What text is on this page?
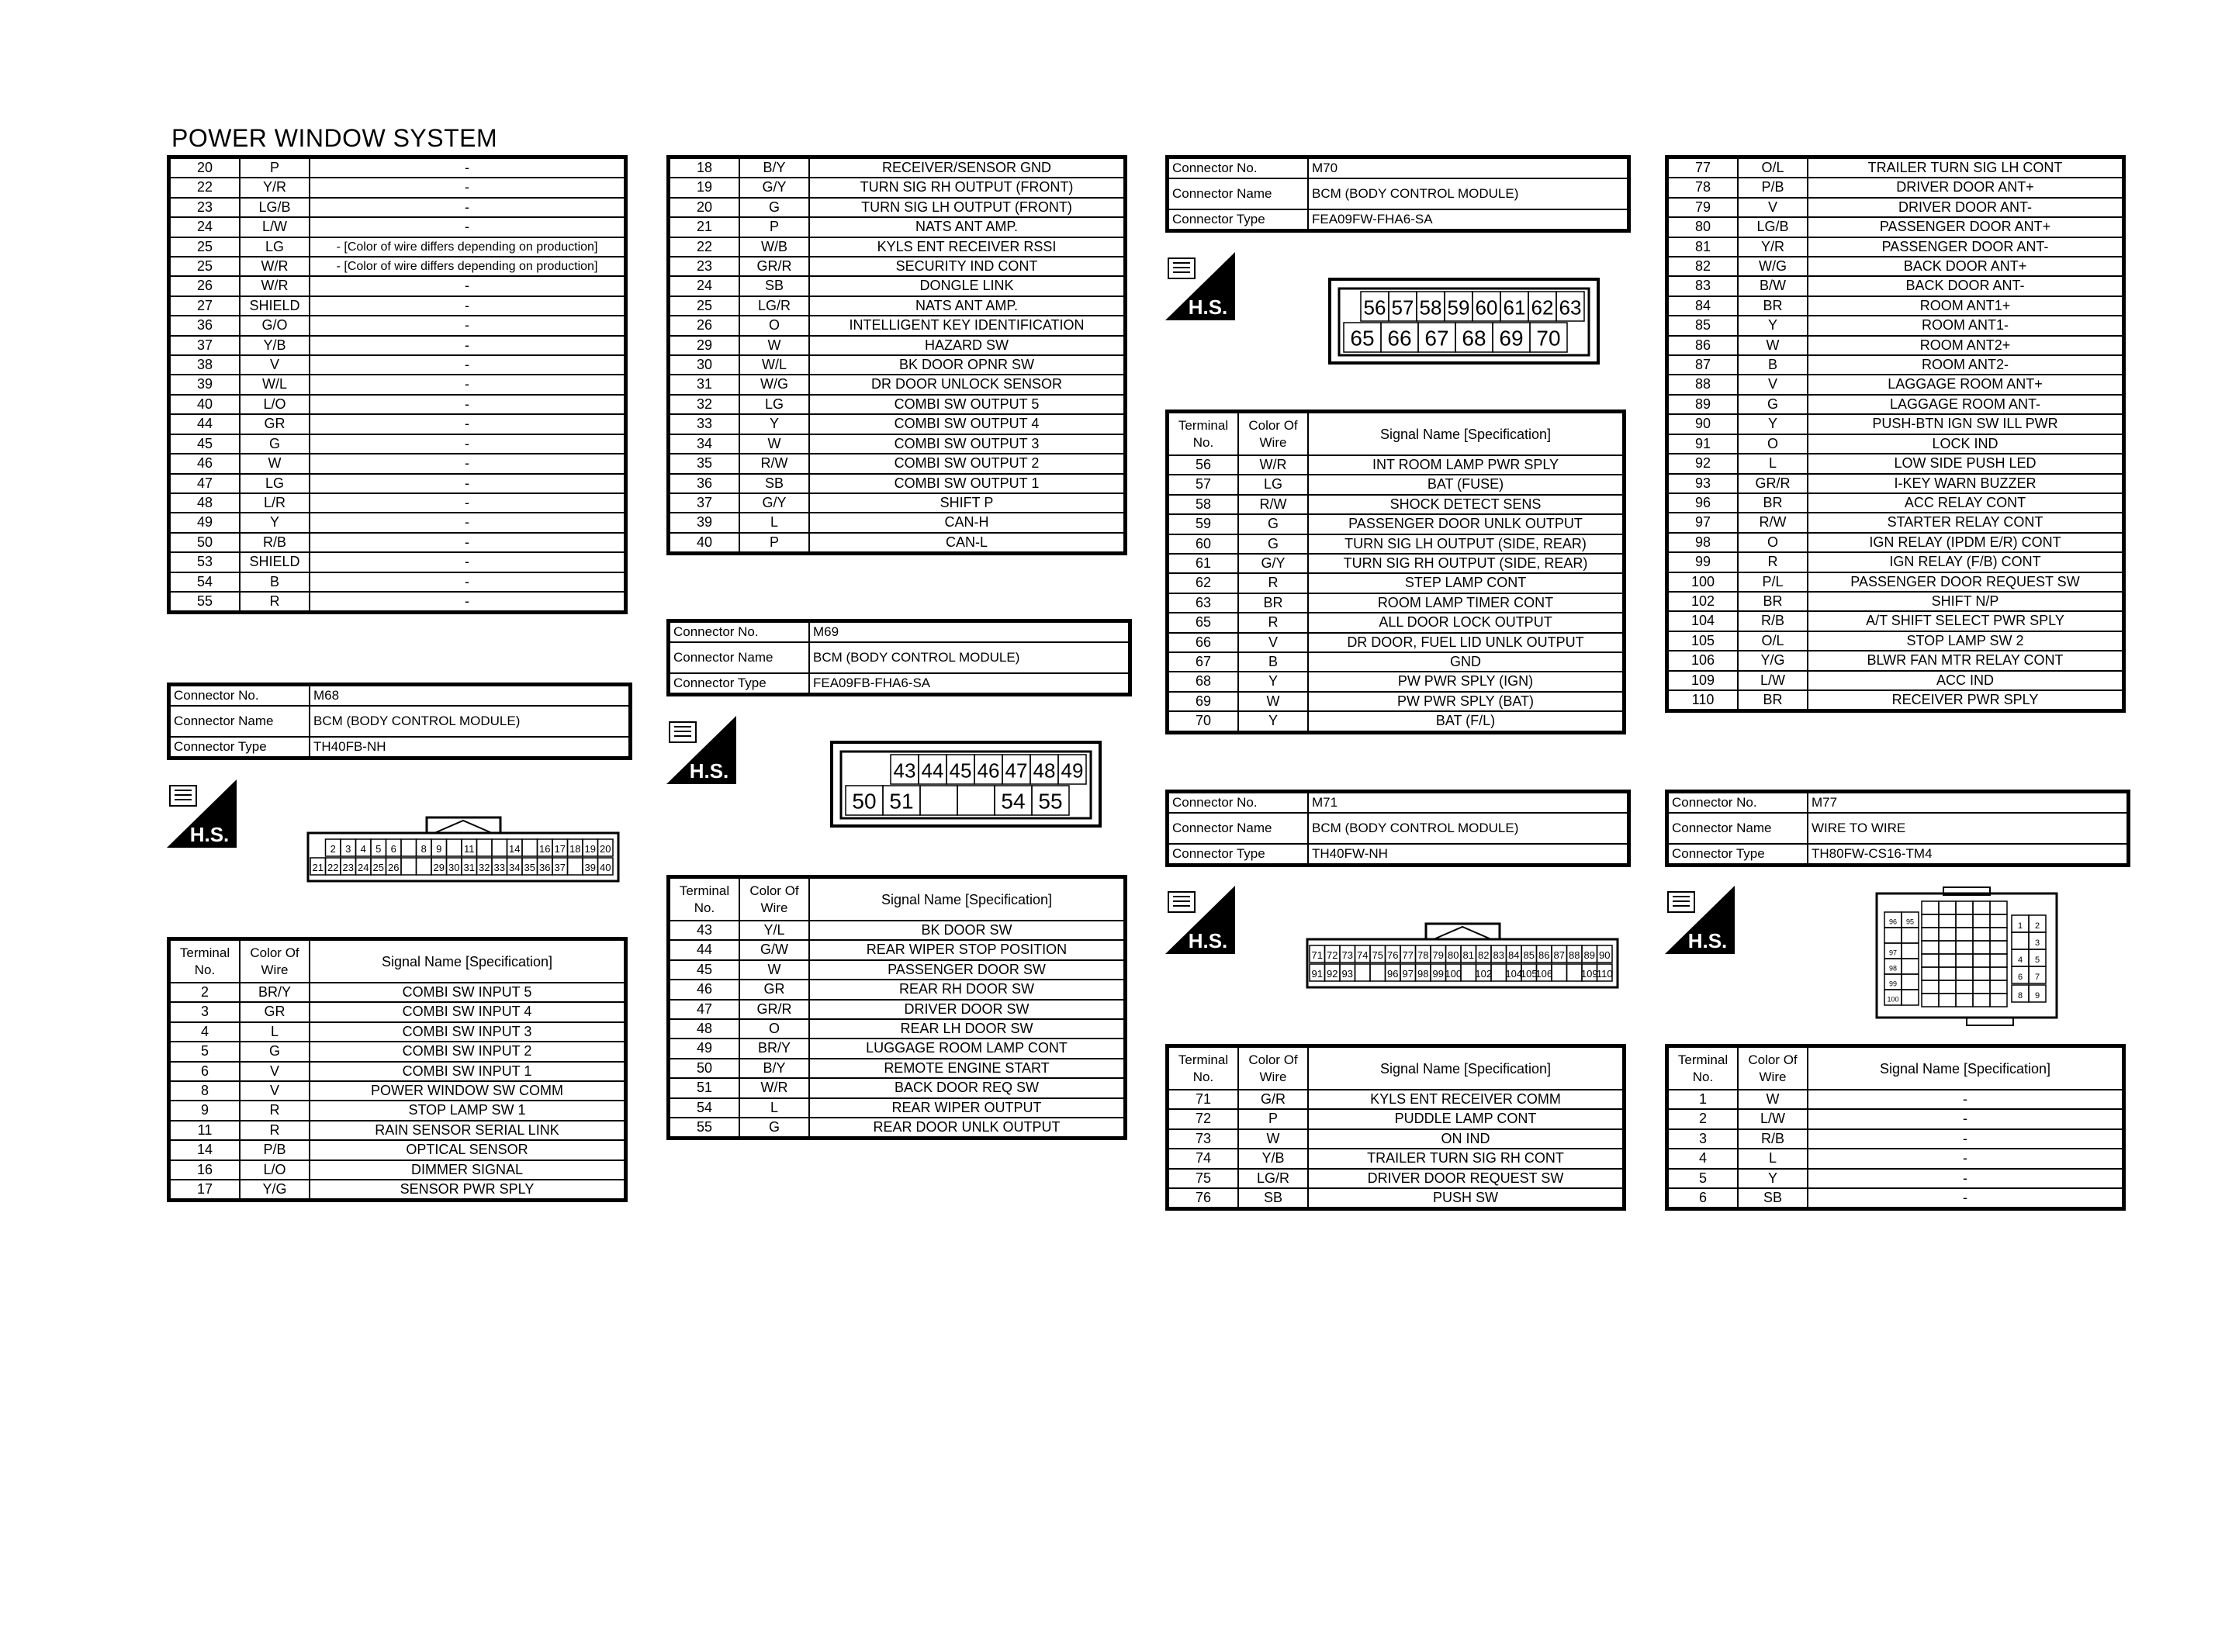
POWER WINDOW SYSTEM
20	P	-
22	Y/R	-
23	LG/B	-
24	L/W	-
25	LG	- [Color of wire differs depending on production]
25	W/R	- [Color of wire differs depending on production]
26	W/R	-
27	SHIELD	-
36	G/O	-
37	Y/B	-
38	V	-
39	W/L	-
40	L/O	-
44	GR	-
45	G	-
46	W	-
47	LG	-
48	L/R	-
49	Y	-
50	R/B	-
53	SHIELD	-
54	B	-
55	R	-
Connector No.	M68
Connector Name	BCM (BODY CONTROL MODULE)
Connector Type	TH40FB-NH
H.S.
2 3 4 5 6 8 9 11	14 16 17 18 19 20
21 22 23 24 25 26	29 30 31 32 33 34 35 36 37 39 40
Terminal No.	Color Of Wire	Signal Name [Specification]
2	BR/Y	COMBI SW INPUT 5
3	GR	COMBI SW INPUT 4
4	L	COMBI SW INPUT 3
5	G	COMBI SW INPUT 2
6	V	COMBI SW INPUT 1
8	V	POWER WINDOW SW COMM
9	R	STOP LAMP SW 1
11	R	RAIN SENSOR SERIAL LINK
14	P/B	OPTICAL SENSOR
16	L/O	DIMMER SIGNAL
17	Y/G	SENSOR PWR SPLY
18	B/Y	RECEIVER/SENSOR GND
19	G/Y	TURN SIG RH OUTPUT (FRONT)
20	G	TURN SIG LH OUTPUT (FRONT)
21	P	NATS ANT AMP.
22	W/B	KYLS ENT RECEIVER RSSI
23	GR/R	SECURITY IND CONT
24	SB	DONGLE LINK
25	LG/R	NATS ANT AMP.
26	O	INTELLIGENT KEY IDENTIFICATION
29	W	HAZARD SW
30	W/L	BK DOOR OPNR SW
31	W/G	DR DOOR UNLOCK SENSOR
32	LG	COMBI SW OUTPUT 5
33	Y	COMBI SW OUTPUT 4
34	W	COMBI SW OUTPUT 3
35	R/W	COMBI SW OUTPUT 2
36	SB	COMBI SW OUTPUT 1
37	G/Y	SHIFT P
39	L	CAN-H
40	P	CAN-L
Connector No.	M69
Connector Name	BCM (BODY CONTROL MODULE)
Connector Type	FEA09FB-FHA6-SA
H.S.	43 44 45 46 47 48 49
50 51	54 55
Terminal No.	Color Of Wire	Signal Name [Specification]
43	Y/L	BK DOOR SW
44	G/W	REAR WIPER STOP POSITION
45	W	PASSENGER DOOR SW
46	GR	REAR RH DOOR SW
47	GR/R	DRIVER DOOR SW
48	O	REAR LH DOOR SW
49	BR/Y	LUGGAGE ROOM LAMP CONT
50	B/Y	REMOTE ENGINE START
51	W/R	BACK DOOR REQ SW
54	L	REAR WIPER OUTPUT
55	G	REAR DOOR UNLK OUTPUT
Connector No.	M70
Connector Name	BCM (BODY CONTROL MODULE)
Connector Type	FEA09FW-FHA6-SA
H.S.	56 57 58 59 60 61 62 63
65 66 67 68 69 70
Terminal No.	Color Of Wire	Signal Name [Specification]
56	W/R	INT ROOM LAMP PWR SPLY
57	LG	BAT (FUSE)
58	R/W	SHOCK DETECT SENS
59	G	PASSENGER DOOR UNLK OUTPUT
60	G	TURN SIG LH OUTPUT (SIDE, REAR)
61	G/Y	TURN SIG RH OUTPUT (SIDE, REAR)
62	R	STEP LAMP CONT
63	BR	ROOM LAMP TIMER CONT
65	R	ALL DOOR LOCK OUTPUT
66	V	DR DOOR, FUEL LID UNLK OUTPUT
67	B	GND
68	Y	PW PWR SPLY (IGN)
69	W	PW PWR SPLY (BAT)
70	Y	BAT (F/L)
Connector No.	M71
Connector Name	BCM (BODY CONTROL MODULE)
Connector Type	TH40FW-NH
H.S.
71 72 73 74 75 76 77 78 79 80 81 82 83 84 85 86 87 88 89 90
91 92 93	96 97 98 99 100 102 104
105
106	109
110
Terminal No.	Color Of Wire	Signal Name [Specification]
71	G/R	KYLS ENT RECEIVER COMM
72	P	PUDDLE LAMP CONT
73	W	ON IND
74	Y/B	TRAILER TURN SIG RH CONT
75	LG/R	DRIVER DOOR REQUEST SW
76	SB	PUSH SW
77	O/L	TRAILER TURN SIG LH CONT
78	P/B	DRIVER DOOR ANT+
79	V	DRIVER DOOR ANT-
80	LG/B	PASSENGER DOOR ANT+
81	Y/R	PASSENGER DOOR ANT-
82	W/G	BACK DOOR ANT+
83	B/W	BACK DOOR ANT-
84	BR	ROOM ANT1+
85	Y	ROOM ANT1-
86	W	ROOM ANT2+
87	B	ROOM ANT2-
88	V	LAGGAGE ROOM ANT+
89	G	LAGGAGE ROOM ANT-
90	Y	PUSH-BTN IGN SW ILL PWR
91	O	LOCK IND
92	L	LOW SIDE PUSH LED
93	GR/R	I-KEY WARN BUZZER
96	BR	ACC RELAY CONT
97	R/W	STARTER RELAY CONT
98	O	IGN RELAY (IPDM E/R) CONT
99	R	IGN RELAY (F/B) CONT
100	P/L	PASSENGER DOOR REQUEST SW
102	BR	SHIFT N/P
104	R/B	A/T SHIFT SELECT PWR SPLY
105	O/L	STOP LAMP SW 2
106	Y/G	BLWR FAN MTR RELAY CONT
109	L/W	ACC IND
110	BR	RECEIVER PWR SPLY
Connector No.	M77
Connector Name	WIRE TO WIRE
Connector Type	TH80FW-CS16-TM4
H.S.
96 95
97
98
99
100
1 2
3
4 5
6 7
8 9
Terminal No.	Color Of Wire	Signal Name [Specification]
1	W	-
2	L/W	-
3	R/B	-
4	L	-
5	Y	-
6	SB	-
